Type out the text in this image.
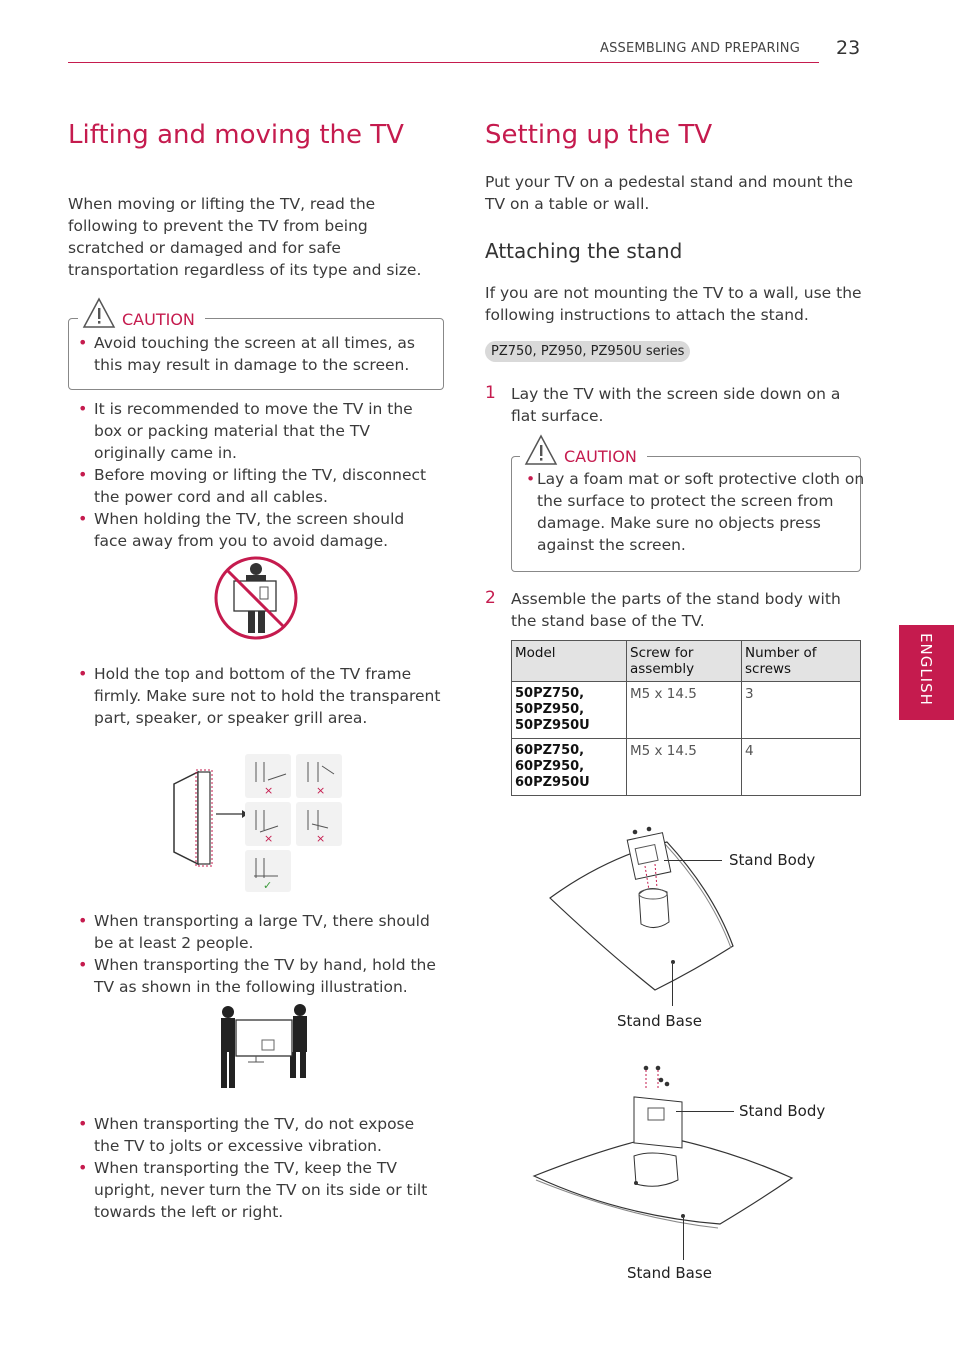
ASSEMBLING AND PREPARING 23
ENGLISH
Lifting and moving the TV

When moving or lifting the TV, read the following to prevent the TV from being scratched or damaged and for safe transportation regardless of its type and size.

CAUTION

• Avoid touching the screen at all times, as this may result in damage to the screen.

• It is recommended to move the TV in the box or packing material that the TV originally came in.

• Before moving or lifting the TV, disconnect the power cord and all cables.

• When holding the TV, the screen should face away from you to avoid damage.

• Hold the top and bottom of the TV frame firmly. Make sure not to hold the transparent part, speaker, or speaker grill area.

×	×
×	×
✓

• When transporting a large TV, there should be at least 2 people.

• When transporting the TV by hand, hold the TV as shown in the following illustration.

• When transporting the TV, do not expose the TV to jolts or excessive vibration.

• When transporting the TV, keep the TV upright, never turn the TV on its side or tilt towards the left or right.

Setting up the TV

Put your TV on a pedestal stand and mount the TV on a table or wall.

Attaching the stand

If you are not mounting the TV to a wall, use the following instructions to attach the stand.

PZ750, PZ950, PZ950U series
1 Lay the TV with the screen side down on a flat surface.

CAUTION

• Lay a foam mat or soft protective cloth on the surface to protect the screen from damage. Make sure no objects press against the screen.

2 Assemble the parts of the stand body with the stand base of the TV.

Model	Screw for assembly	Number of screws
50PZ750,
50PZ950,
50PZ950U	M5 x 14.5	3
60PZ750,
60PZ950,
60PZ950U	M5 x 14.5	4
Stand Body
Stand Base
Stand Body
Stand Base
